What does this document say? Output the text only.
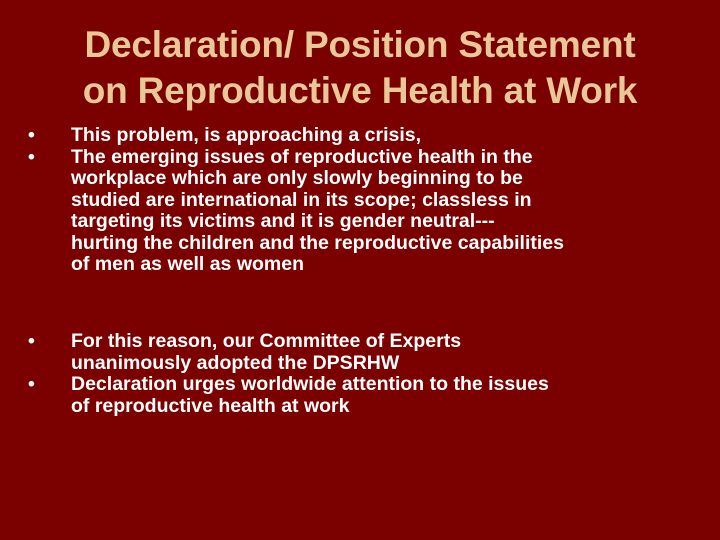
Declaration/ Position Statement
on Reproductive Health at Work
• This problem, is approaching a crisis,
• The emerging issues of reproductive health in the
workplace which are only slowly beginning to be
studied are international in its scope; classless in
targeting its victims and it is gender neutral---
hurting the children and the reproductive capabilities
of men as well as women
• For this reason, our Committee of Experts
unanimously adopted the DPSRHW
• Declaration urges worldwide attention to the issues
of reproductive health at work
